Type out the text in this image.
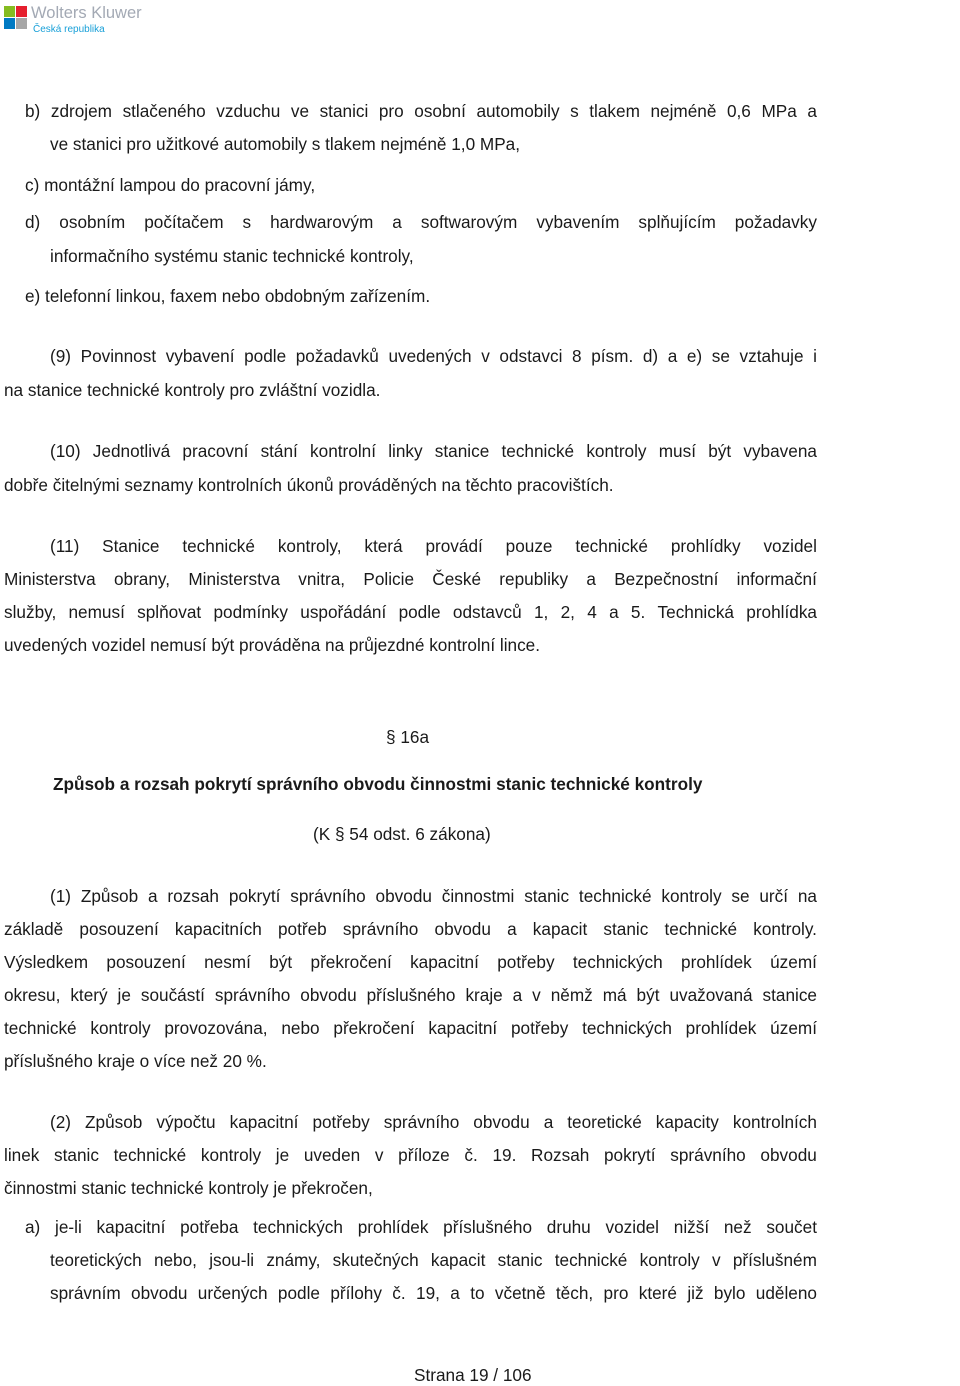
Wolters Kluwer
Česká republika
b) zdrojem stlačeného vzduchu ve stanici pro osobní automobily s tlakem nejméně 0,6 MPa a
ve stanici pro užitkové automobily s tlakem nejméně 1,0 MPa,
c) montážní lampou do pracovní jámy,
d) osobním počítačem s hardwarovým a softwarovým vybavením splňujícím požadavky
informačního systému stanic technické kontroly,
e) telefonní linkou, faxem nebo obdobným zařízením.
(9) Povinnost vybavení podle požadavků uvedených v odstavci 8 písm. d) a e) se vztahuje i
na stanice technické kontroly pro zvláštní vozidla.
(10) Jednotlivá pracovní stání kontrolní linky stanice technické kontroly musí být vybavena
dobře čitelnými seznamy kontrolních úkonů prováděných na těchto pracovištích.
(11) Stanice technické kontroly, která provádí pouze technické prohlídky vozidel
Ministerstva obrany, Ministerstva vnitra, Policie České republiky a Bezpečnostní informační
služby, nemusí splňovat podmínky uspořádání podle odstavců 1, 2, 4 a 5. Technická prohlídka
uvedených vozidel nemusí být prováděna na průjezdné kontrolní lince.
§ 16a
Způsob a rozsah pokrytí správního obvodu činnostmi stanic technické kontroly
(K § 54 odst. 6 zákona)
(1) Způsob a rozsah pokrytí správního obvodu činnostmi stanic technické kontroly se určí na
základě posouzení kapacitních potřeb správního obvodu a kapacit stanic technické kontroly.
Výsledkem posouzení nesmí být překročení kapacitní potřeby technických prohlídek území
okresu, který je součástí správního obvodu příslušného kraje a v němž má být uvažovaná stanice
technické kontroly provozována, nebo překročení kapacitní potřeby technických prohlídek území
příslušného kraje o více než 20 %.
(2) Způsob výpočtu kapacitní potřeby správního obvodu a teoretické kapacity kontrolních
linek stanic technické kontroly je uveden v příloze č. 19. Rozsah pokrytí správního obvodu
činnostmi stanic technické kontroly je překročen,
a) je-li kapacitní potřeba technických prohlídek příslušného druhu vozidel nižší než součet
teoretických nebo, jsou-li známy, skutečných kapacit stanic technické kontroly v příslušném
správním obvodu určených podle přílohy č. 19, a to včetně těch, pro které již bylo uděleno
Strana 19 / 106
